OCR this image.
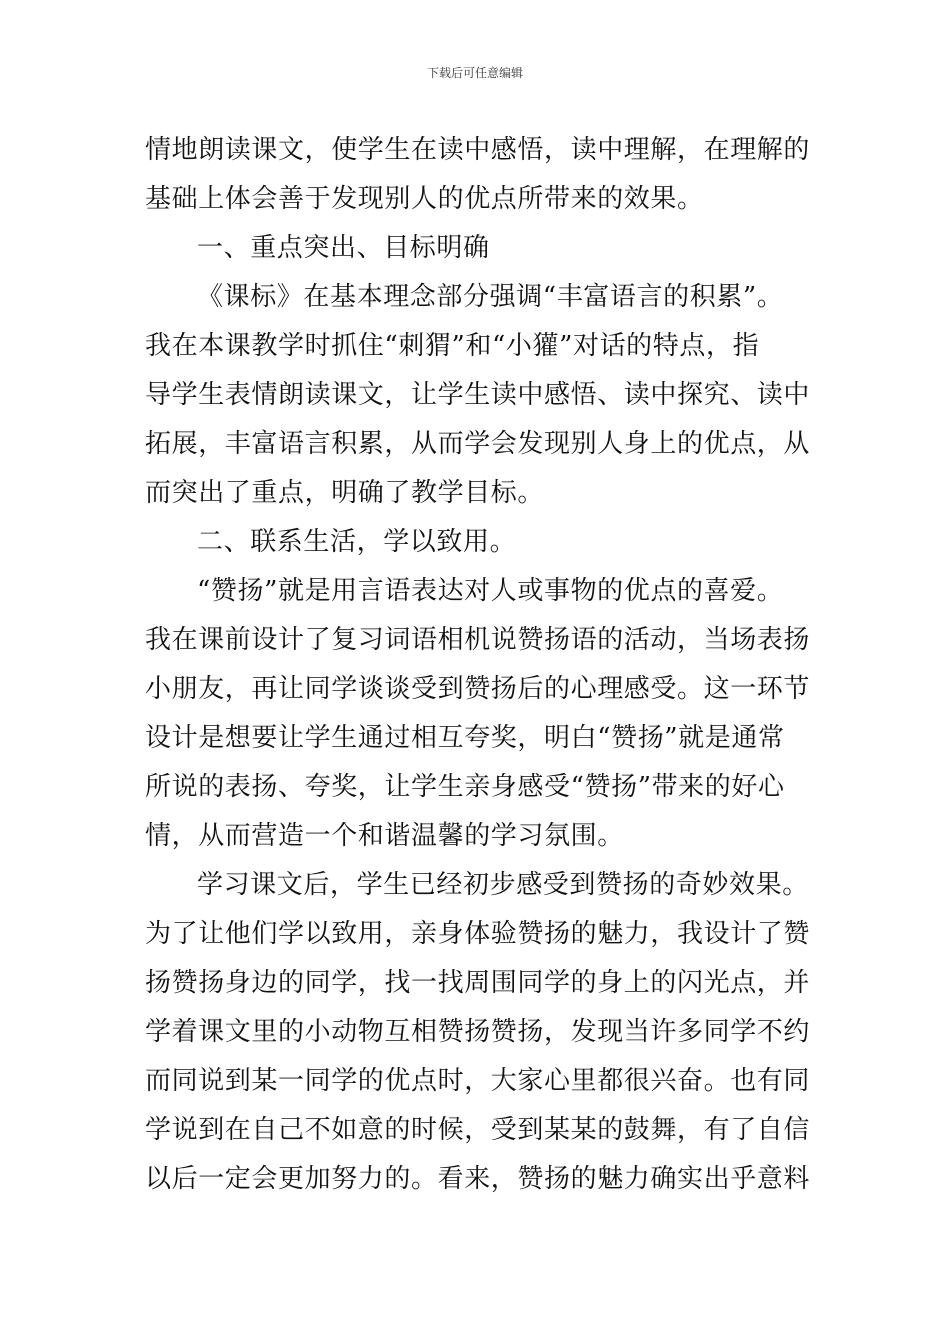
下载后可任意编辑
情地朗读课文，使学生在读中感悟，读中理解，在理解的
基础上体会善于发现别人的优点所带来的效果。
一、重点突出、目标明确
《课标》在基本理念部分强调“丰富语言的积累”。
我在本课教学时抓住“刺猬”和“小獾”对话的特点，指
导学生表情朗读课文，让学生读中感悟、读中探究、读中
拓展，丰富语言积累，从而学会发现别人身上的优点，从
而突出了重点，明确了教学目标。
二、联系生活，学以致用。
“赞扬”就是用言语表达对人或事物的优点的喜爱。
我在课前设计了复习词语相机说赞扬语的活动，当场表扬
小朋友，再让同学谈谈受到赞扬后的心理感受。这一环节
设计是想要让学生通过相互夸奖，明白“赞扬”就是通常
所说的表扬、夸奖，让学生亲身感受“赞扬”带来的好心
情，从而营造一个和谐温馨的学习氛围。
学习课文后，学生已经初步感受到赞扬的奇妙效果。
为了让他们学以致用，亲身体验赞扬的魅力，我设计了赞
扬赞扬身边的同学，找一找周围同学的身上的闪光点，并
学着课文里的小动物互相赞扬赞扬，发现当许多同学不约
而同说到某一同学的优点时，大家心里都很兴奋。也有同
学说到在自己不如意的时候，受到某某的鼓舞，有了自信
以后一定会更加努力的。看来，赞扬的魅力确实出乎意料
